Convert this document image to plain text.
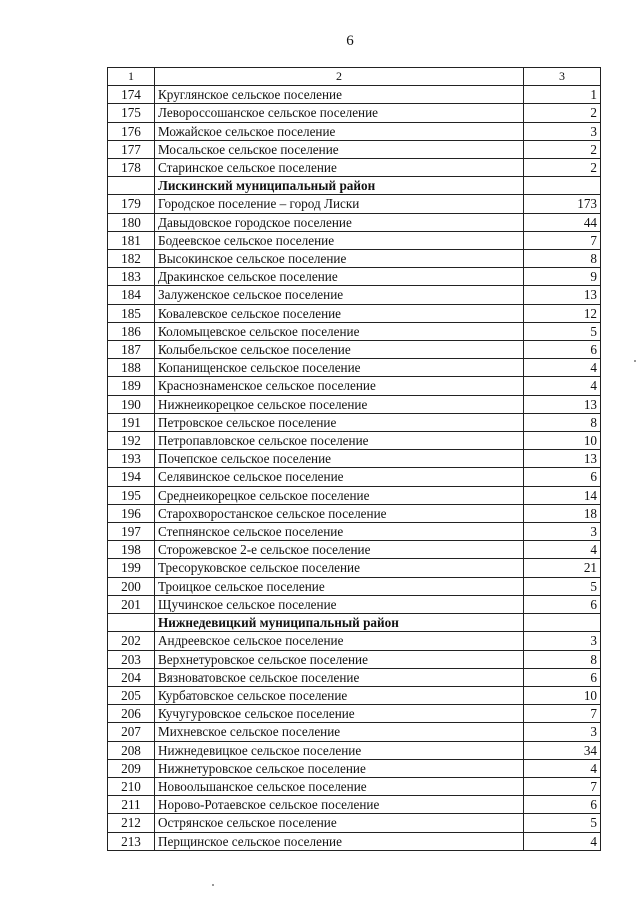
6
1	2	3
174	Круглянское сельское поселение	1
175	Левороссошанское сельское поселение	2
176	Можайское сельское поселение	3
177	Мосальское сельское поселение	2
178	Старинское сельское поселение	2
	Лискинский муниципальный район	
179	Городское поселение – город Лиски	173
180	Давыдовское городское поселение	44
181	Бодеевское сельское поселение	7
182	Высокинское сельское поселение	8
183	Дракинское сельское поселение	9
184	Залуженское сельское поселение	13
185	Ковалевское сельское поселение	12
186	Коломыцевское сельское поселение	5
187	Колыбельское сельское поселение	6
188	Копанищенское сельское поселение	4
189	Краснознаменское сельское поселение	4
190	Нижнеикорецкое сельское поселение	13
191	Петровское сельское поселение	8
192	Петропавловское сельское поселение	10
193	Почепское сельское поселение	13
194	Селявинское сельское поселение	6
195	Среднеикорецкое сельское поселение	14
196	Старохворостанское сельское поселение	18
197	Степнянское сельское поселение	3
198	Сторожевское 2-е сельское поселение	4
199	Тресоруковское сельское поселение	21
200	Троицкое сельское поселение	5
201	Щучинское сельское поселение	6
	Нижнедевицкий муниципальный район	
202	Андреевское сельское поселение	3
203	Верхнетуровское сельское поселение	8
204	Вязноватовское сельское поселение	6
205	Курбатовское сельское поселение	10
206	Кучугуровское сельское поселение	7
207	Михневское сельское поселение	3
208	Нижнедевицкое сельское поселение	34
209	Нижнетуровское сельское поселение	4
210	Новоольшанское сельское поселение	7
211	Норово-Ротаевское сельское поселение	6
212	Острянское сельское поселение	5
213	Перщинское сельское поселение	4
